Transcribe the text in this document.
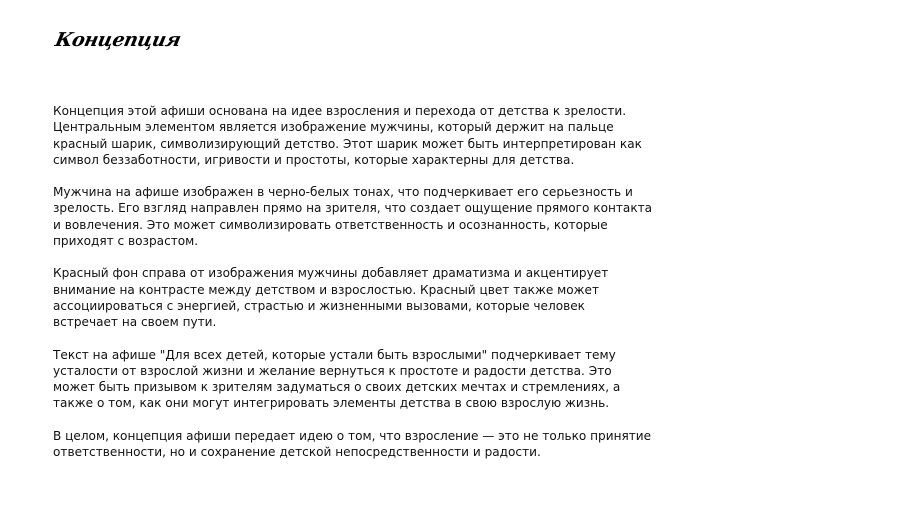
Концепция

Концепция этой афиши основана на идее взросления и перехода от детства к зрелости. Центральным элементом является изображение мужчины, который держит на пальце красный шарик, символизирующий детство. Этот шарик может быть интерпретирован как символ беззаботности, игривости и простоты, которые характерны для детства.

Мужчина на афише изображен в черно-белых тонах, что подчеркивает его серьезность и зрелость. Его взгляд направлен прямо на зрителя, что создает ощущение прямого контакта и вовлечения. Это может символизировать ответственность и осознанность, которые приходят с возрастом.

Красный фон справа от изображения мужчины добавляет драматизма и акцентирует внимание на контрасте между детством и взрослостью. Красный цвет также может ассоциироваться с энергией, страстью и жизненными вызовами, которые человек встречает на своем пути.

Текст на афише "Для всех детей, которые устали быть взрослыми" подчеркивает тему усталости от взрослой жизни и желание вернуться к простоте и радости детства. Это может быть призывом к зрителям задуматься о своих детских мечтах и стремлениях, а также о том, как они могут интегрировать элементы детства в свою взрослую жизнь.

В целом, концепция афиши передает идею о том, что взросление — это не только принятие ответственности, но и сохранение детской непосредственности и радости.
